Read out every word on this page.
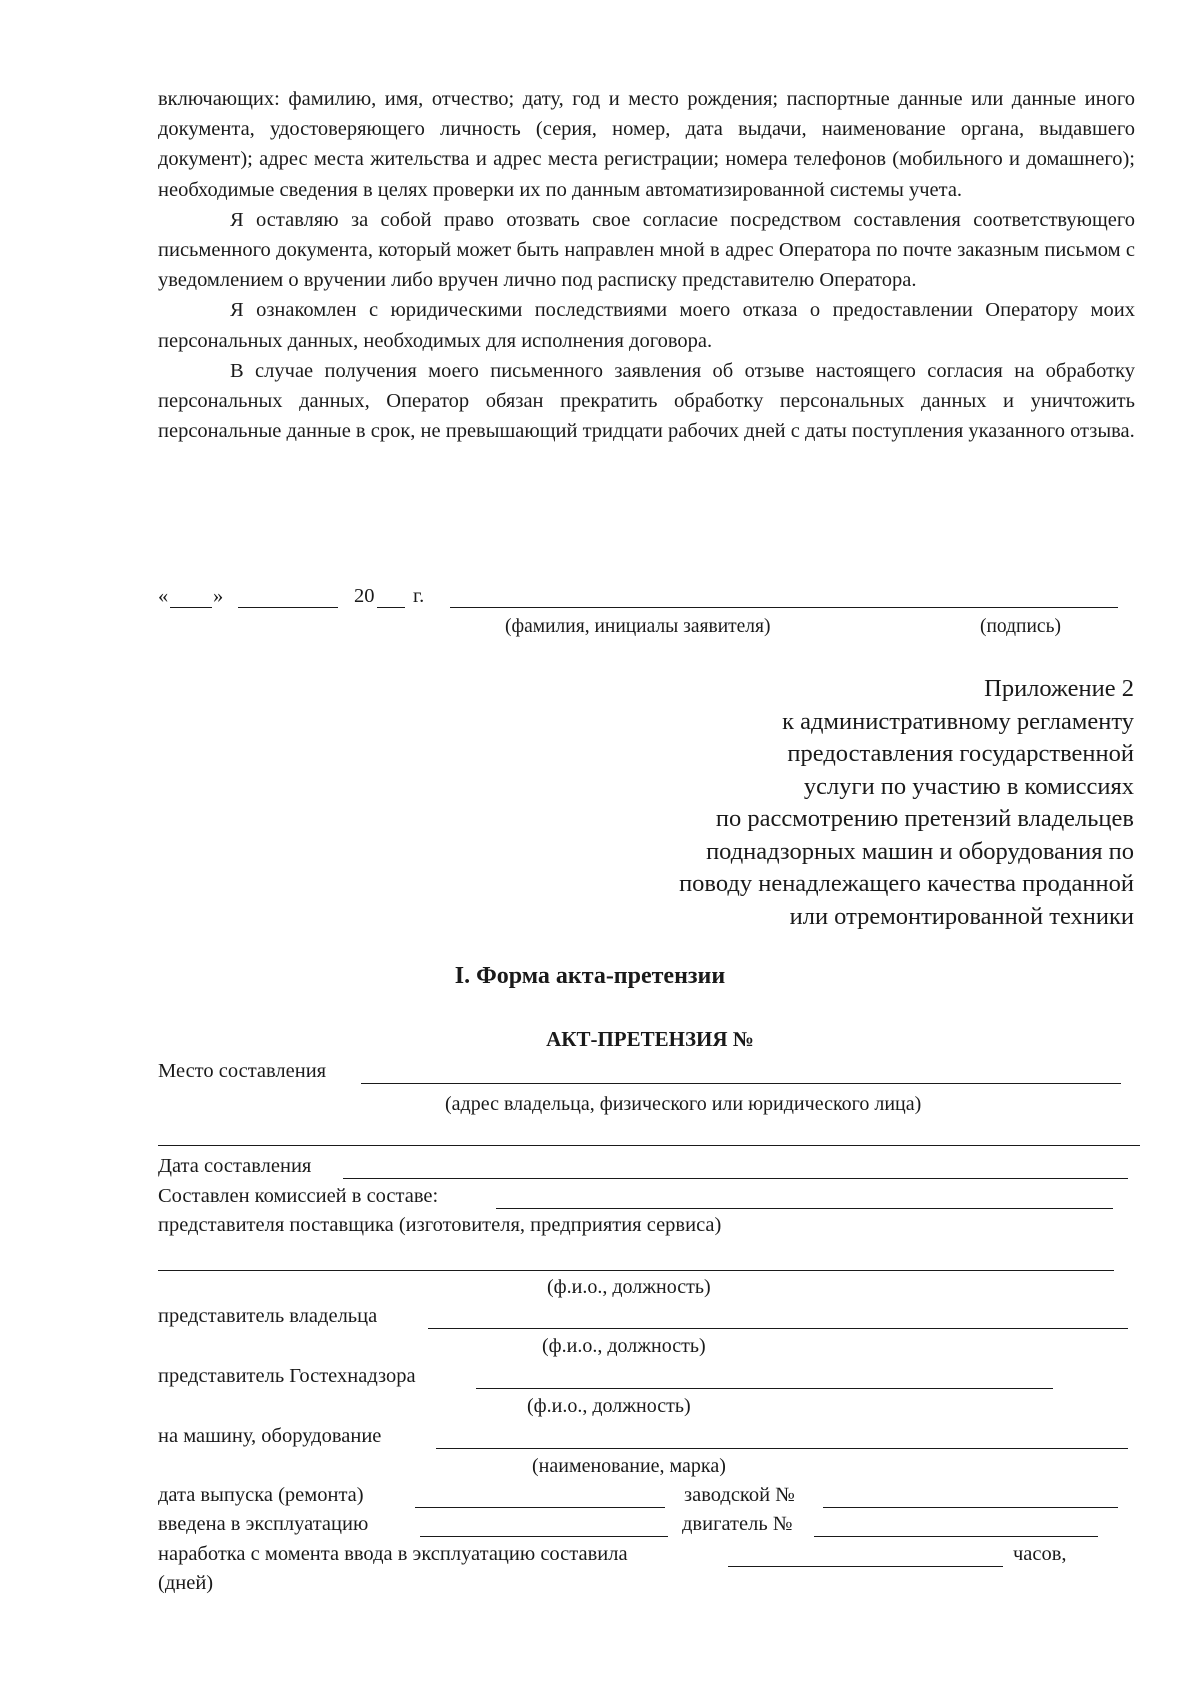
включающих: фамилию, имя, отчество; дату, год и место рождения; паспортные данные или данные иного документа, удостоверяющего личность (серия, номер, дата выдачи, наименование органа, выдавшего документ); адрес места жительства и адрес места регистрации; номера телефонов (мобильного и домашнего); необходимые сведения в целях проверки их по данным автоматизированной системы учета.

Я оставляю за собой право отозвать свое согласие посредством составления соответствующего письменного документа, который может быть направлен мной в адрес Оператора по почте заказным письмом с уведомлением о вручении либо вручен лично под расписку представителю Оператора.

Я ознакомлен с юридическими последствиями моего отказа о предоставлении Оператору моих персональных данных, необходимых для исполнения договора.

В случае получения моего письменного заявления об отзыве настоящего согласия на обработку персональных данных, Оператор обязан прекратить обработку персональных данных и уничтожить персональные данные в срок, не превышающий тридцати рабочих дней с даты поступления указанного отзыва.

« »	20 г.
(фамилия, инициалы заявителя)	(подпись)
Приложение 2
к административному регламенту
предоставления государственной
услуги по участию в комиссиях
по рассмотрению претензий владельцев
поднадзорных машин и оборудования по
поводу ненадлежащего качества проданной
или отремонтированной техники
I. Форма акта-претензии
АКТ-ПРЕТЕНЗИЯ №
Место составления
(адрес владельца, физического или юридического лица)
Дата составления
Составлен комиссией в составе:
представителя поставщика (изготовителя, предприятия сервиса)
(ф.и.о., должность)
представитель владельца
(ф.и.о., должность)
представитель Гостехнадзора
(ф.и.о., должность)
на машину, оборудование
(наименование, марка)
дата выпуска (ремонта)	заводской №
введена в эксплуатацию	двигатель №
наработка с момента ввода в эксплуатацию составила	часов,
(дней)
